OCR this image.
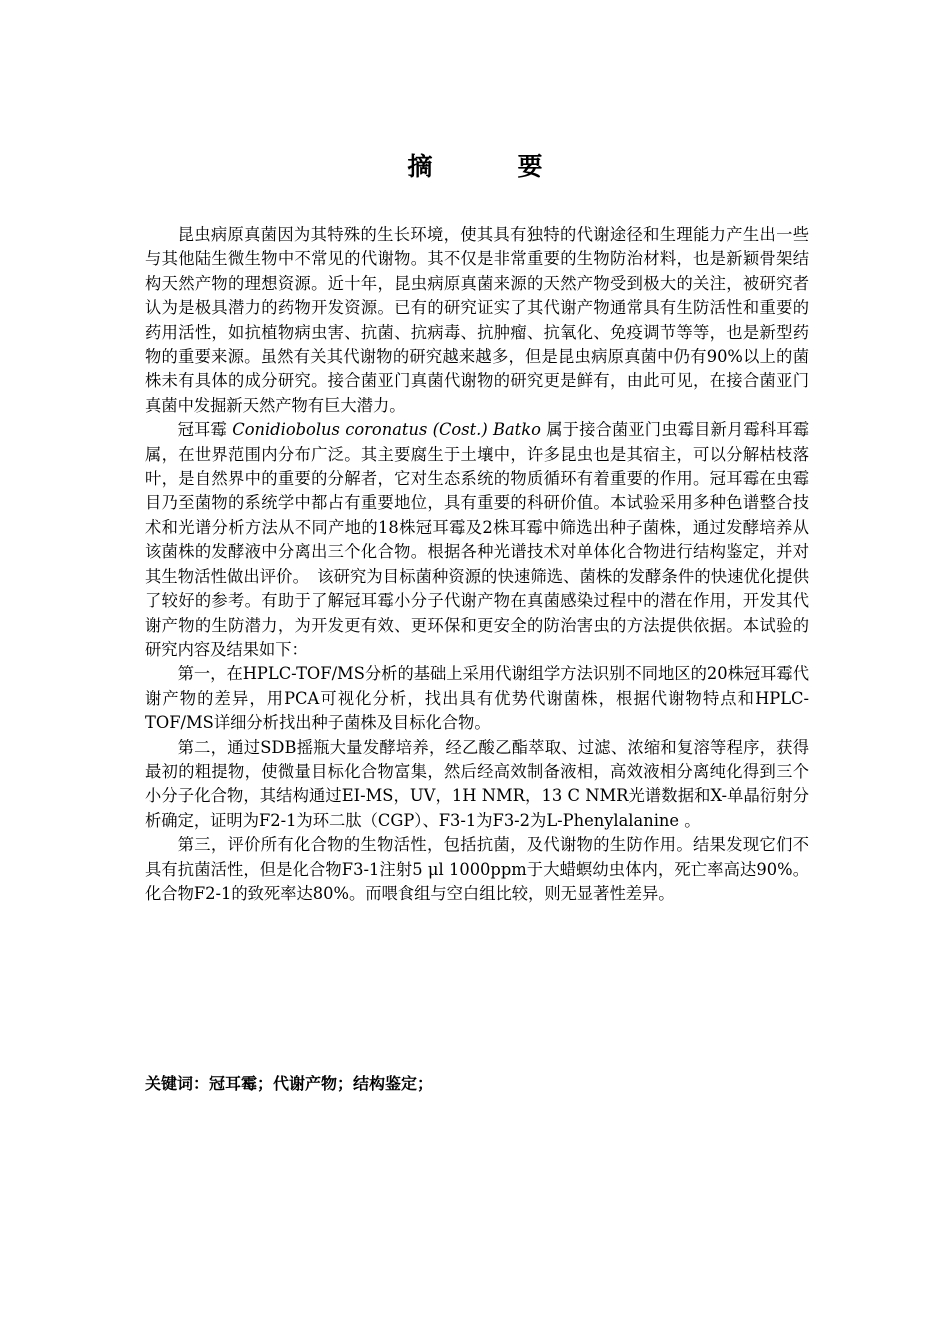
摘　要

昆虫病原真菌因为其特殊的生长环境，使其具有独特的代谢途径和生理能力产生出一些与其他陆生微生物中不常见的代谢物。其不仅是非常重要的生物防治材料，也是新颖骨架结构天然产物的理想资源。近十年，昆虫病原真菌来源的天然产物受到极大的关注，被研究者认为是极具潜力的药物开发资源。已有的研究证实了其代谢产物通常具有生防活性和重要的药用活性，如抗植物病虫害、抗菌、抗病毒、抗肿瘤、抗氧化、免疫调节等等，也是新型药物的重要来源。虽然有关其代谢物的研究越来越多，但是昆虫病原真菌中仍有90%以上的菌株未有具体的成分研究。接合菌亚门真菌代谢物的研究更是鲜有，由此可见，在接合菌亚门真菌中发掘新天然产物有巨大潜力。

冠耳霉 Conidiobolus coronatus (Cost.) Batko 属于接合菌亚门虫霉目新月霉科耳霉属，在世界范围内分布广泛。其主要腐生于土壤中，许多昆虫也是其宿主，可以分解枯枝落叶，是自然界中的重要的分解者，它对生态系统的物质循环有着重要的作用。冠耳霉在虫霉目乃至菌物的系统学中都占有重要地位，具有重要的科研价值。本试验采用多种色谱整合技术和光谱分析方法从不同产地的18株冠耳霉及2株耳霉中筛选出种子菌株，通过发酵培养从该菌株的发酵液中分离出三个化合物。根据各种光谱技术对单体化合物进行结构鉴定，并对其生物活性做出评价。　该研究为目标菌种资源的快速筛选、菌株的发酵条件的快速优化提供了较好的参考。有助于了解冠耳霉小分子代谢产物在真菌感染过程中的潜在作用，开发其代谢产物的生防潜力，为开发更有效、更环保和更安全的防治害虫的方法提供依据。本试验的研究内容及结果如下：

第一，在HPLC-TOF/MS分析的基础上采用代谢组学方法识别不同地区的20株冠耳霉代谢产物的差异，用PCA可视化分析，找出具有优势代谢菌株，根据代谢物特点和HPLC-TOF/MS详细分析找出种子菌株及目标化合物。

第二，通过SDB摇瓶大量发酵培养，经乙酸乙酯萃取、过滤、浓缩和复溶等程序，获得最初的粗提物，使微量目标化合物富集，然后经高效制备液相，高效液相分离纯化得到三个小分子化合物，其结构通过EI-MS，UV，1H NMR，13 C NMR光谱数据和X-单晶衍射分析确定，证明为F2-1为环二肽（CGP）、F3-1为F3-2为L-Phenylalanine 。

第三，评价所有化合物的生物活性，包括抗菌，及代谢物的生防作用。结果发现它们不具有抗菌活性，但是化合物F3-1注射5 μl 1000ppm于大蜡螟幼虫体内，死亡率高达90%。化合物F2-1的致死率达80%。而喂食组与空白组比较，则无显著性差异。

关键词：冠耳霉；代谢产物；结构鉴定；
